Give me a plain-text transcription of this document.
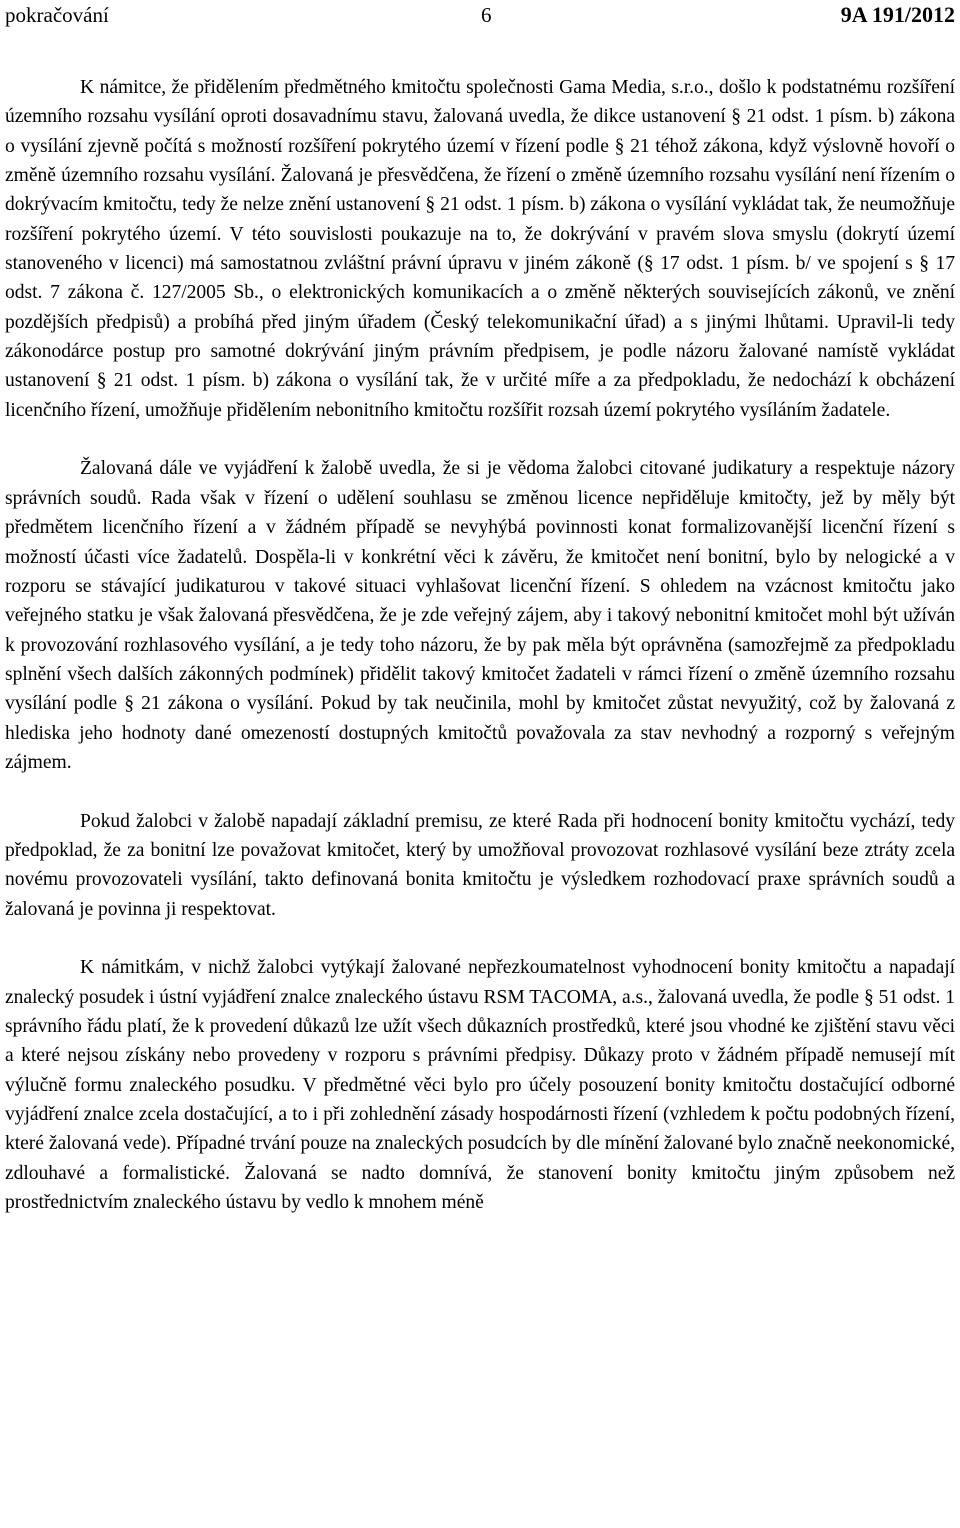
pokračování	6	9A 191/2012

K námitce, že přidělením předmětného kmitočtu společnosti Gama Media, s.r.o., došlo k podstatnému rozšíření územního rozsahu vysílání oproti dosavadnímu stavu, žalovaná uvedla, že dikce ustanovení § 21 odst. 1 písm. b) zákona o vysílání zjevně počítá s možností rozšíření pokrytého území v řízení podle § 21 téhož zákona, když výslovně hovoří o změně územního rozsahu vysílání. Žalovaná je přesvědčena, že řízení o změně územního rozsahu vysílání není řízením o dokrývacím kmitočtu, tedy že nelze znění ustanovení § 21 odst. 1 písm. b) zákona o vysílání vykládat tak, že neumožňuje rozšíření pokrytého území. V této souvislosti poukazuje na to, že dokrývání v pravém slova smyslu (dokrytí území stanoveného v licenci) má samostatnou zvláštní právní úpravu v jiném zákoně (§ 17 odst. 1 písm. b/ ve spojení s § 17 odst. 7 zákona č. 127/2005 Sb., o elektronických komunikacích a o změně některých souvisejících zákonů, ve znění pozdějších předpisů) a probíhá před jiným úřadem (Český telekomunikační úřad) a s jinými lhůtami. Upravil-li tedy zákonodárce postup pro samotné dokrývání jiným právním předpisem, je podle názoru žalované namístě vykládat ustanovení § 21 odst. 1 písm. b) zákona o vysílání tak, že v určité míře a za předpokladu, že nedochází k obcházení licenčního řízení, umožňuje přidělením nebonitního kmitočtu rozšířit rozsah území pokrytého vysíláním žadatele.

Žalovaná dále ve vyjádření k žalobě uvedla, že si je vědoma žalobci citované judikatury a respektuje názory správních soudů. Rada však v řízení o udělení souhlasu se změnou licence nepřiděluje kmitočty, jež by měly být předmětem licenčního řízení a v žádném případě se nevyhýbá povinnosti konat formalizovanější licenční řízení s možností účasti více žadatelů. Dospěla-li v konkrétní věci k závěru, že kmitočet není bonitní, bylo by nelogické a v rozporu se stávající judikaturou v takové situaci vyhlašovat licenční řízení. S ohledem na vzácnost kmitočtu jako veřejného statku je však žalovaná přesvědčena, že je zde veřejný zájem, aby i takový nebonitní kmitočet mohl být užíván k provozování rozhlasového vysílání, a je tedy toho názoru, že by pak měla být oprávněna (samozřejmě za předpokladu splnění všech dalších zákonných podmínek) přidělit takový kmitočet žadateli v rámci řízení o změně územního rozsahu vysílání podle § 21 zákona o vysílání. Pokud by tak neučinila, mohl by kmitočet zůstat nevyužitý, což by žalovaná z hlediska jeho hodnoty dané omezeností dostupných kmitočtů považovala za stav nevhodný a rozporný s veřejným zájmem.

Pokud žalobci v žalobě napadají základní premisu, ze které Rada při hodnocení bonity kmitočtu vychází, tedy předpoklad, že za bonitní lze považovat kmitočet, který by umožňoval provozovat rozhlasové vysílání beze ztráty zcela novému provozovateli vysílání, takto definovaná bonita kmitočtu je výsledkem rozhodovací praxe správních soudů a žalovaná je povinna ji respektovat.

K námitkám, v nichž žalobci vytýkají žalované nepřezkoumatelnost vyhodnocení bonity kmitočtu a napadají znalecký posudek i ústní vyjádření znalce znaleckého ústavu RSM TACOMA, a.s., žalovaná uvedla, že podle § 51 odst. 1 správního řádu platí, že k provedení důkazů lze užít všech důkazních prostředků, které jsou vhodné ke zjištění stavu věci a které nejsou získány nebo provedeny v rozporu s právními předpisy. Důkazy proto v žádném případě nemusejí mít výlučně formu znaleckého posudku. V předmětné věci bylo pro účely posouzení bonity kmitočtu dostačující odborné vyjádření znalce zcela dostačující, a to i při zohlednění zásady hospodárnosti řízení (vzhledem k počtu podobných řízení, které žalovaná vede). Případné trvání pouze na znaleckých posudcích by dle mínění žalované bylo značně neekonomické, zdlouhavé a formalistické. Žalovaná se nadto domnívá, že stanovení bonity kmitočtu jiným způsobem než prostřednictvím znaleckého ústavu by vedlo k mnohem méně
